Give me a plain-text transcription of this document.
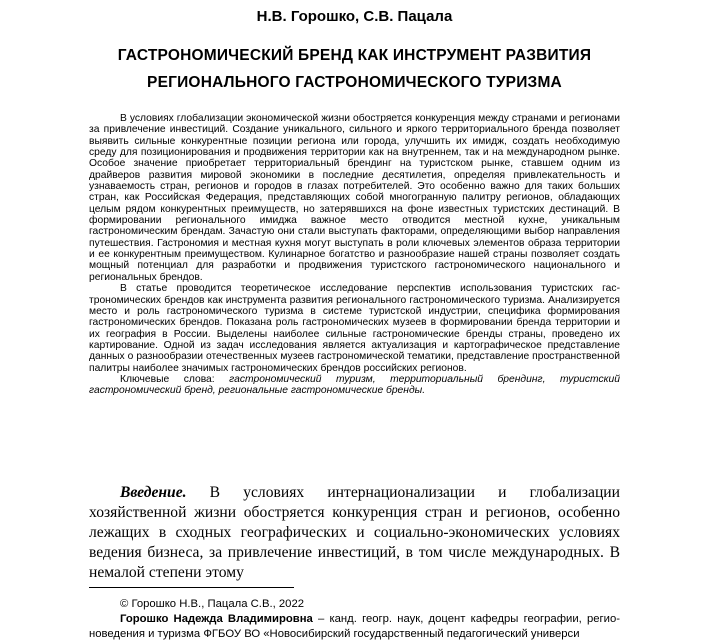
Н.В. Горошко, С.В. Пацала
ГАСТРОНОМИЧЕСКИЙ БРЕНД КАК ИНСТРУМЕНТ РАЗВИТИЯ
РЕГИОНАЛЬНОГО ГАСТРОНОМИЧЕСКОГО ТУРИЗМА

В условиях глобализации экономической жизни обостряется конкуренция между странами и регионами за привлечение инвестиций. Создание уникального, сильного и яркого территориального бренда позволяет выявить сильные конкурентные позиции региона или города, улучшить их имидж, создать необходимую среду для позиционирования и продвижения территории как на внутреннем, так и на международном рынке. Особое значение приобретает территориальный брендинг на туристском рынке, ставшем одним из драйверов развития мировой экономики в последние десятилетия, определяя привлекательность и узнаваемость стран, регионов и городов в глазах потребителей. Это особенно важно для таких больших стран, как Российская Федерация, представляющих собой многогранную палитру регионов, обладающих целым рядом конкурентных преимуществ, но затерявшихся на фоне известных туристских дестинаций. В формировании регионального имиджа важное место отводится местной кухне, уникальным гастрономическим брендам. Зачастую они стали выступать факторами, определяющими выбор направления путешествия. Гастрономия и местная кухня могут выступать в роли ключевых элементов образа территории и ее конкурентным преимуществом. Кулинарное богатство и разнообразие нашей страны позволяет создать мощный потенциал для разработки и продвижения туристского гастрономического национального и региональных брендов.

В статье проводится теоретическое исследование перспектив использования туристских гастрономических брендов как инструмента развития регионального гастрономического туризма. Анализируется место и роль гастрономического туризма в системе туристской индустрии, специфика формирования гастрономических брендов. Показана роль гастрономических музеев в формировании бренда территории и их география в России. Выделены наиболее сильные гастрономические бренды страны, проведено их картирование. Одной из задач исследования является актуализация и картографическое представление данных о разнообразии отечественных музеев гастрономической тематики, представление пространственной палитры наиболее значимых гастрономических брендов российских регионов.

Ключевые слова: гастрономический туризм, территориальный брендинг, туристский гастрономический бренд, региональные гастрономические бренды.

Введение. В условиях интернационализации и глобализации хозяйственной жизни обостряется конкуренция стран и регионов, особенно лежащих в сходных географических и социально-экономических условиях ведения бизнеса, за привлечение инвестиций, в том числе международных. В немалой степени этому

© Горошко Н.В., Пацала С.В., 2022

Горошко Надежда Владимировна – канд. геогр. наук, доцент кафедры географии, регионоведения и туризма ФГБОУ ВО «Новосибирский государственный педагогический универси
